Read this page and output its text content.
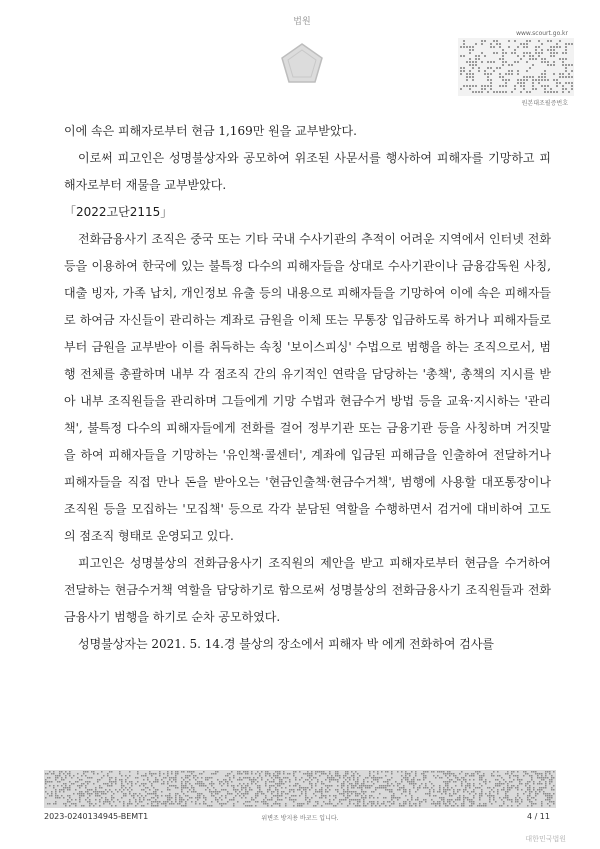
법원
www.scourt.go.kr
원본대조필증번호

이에 속은 피해자로부터 현금 1,169만 원을 교부받았다.

이로써 피고인은 성명불상자와 공모하여 위조된 사문서를 행사하여 피해자를 기망하고 피해자로부터 재물을 교부받았다.

「2022고단2115」

전화금융사기 조직은 중국 또는 기타 국내 수사기관의 추적이 어려운 지역에서 인터넷 전화 등을 이용하여 한국에 있는 불특정 다수의 피해자들을 상대로 수사기관이나 금융감독원 사칭, 대출 빙자, 가족 납치, 개인정보 유출 등의 내용으로 피해자들을 기망하여 이에 속은 피해자들로 하여금 자신들이 관리하는 계좌로 금원을 이체 또는 무통장 입금하도록 하거나 피해자들로부터 금원을 교부받아 이를 취득하는 속칭 '보이스피싱' 수법으로 범행을 하는 조직으로서, 범행 전체를 총괄하며 내부 각 점조직 간의 유기적인 연락을 담당하는 '총책', 총책의 지시를 받아 내부 조직원들을 관리하며 그들에게 기망 수법과 현금수거 방법 등을 교육·지시하는 '관리책', 불특정 다수의 피해자들에게 전화를 걸어 정부기관 또는 금융기관 등을 사칭하며 거짓말을 하여 피해자들을 기망하는 '유인책·콜센터', 계좌에 입금된 피해금을 인출하여 전달하거나 피해자들을 직접 만나 돈을 받아오는 '현금인출책·현금수거책', 범행에 사용할 대포통장이나 조직원 등을 모집하는 '모집책' 등으로 각각 분담된 역할을 수행하면서 검거에 대비하여 고도의 점조직 형태로 운영되고 있다.

피고인은 성명불상의 전화금융사기 조직원의 제안을 받고 피해자로부터 현금을 수거하여 전달하는 현금수거책 역할을 담당하기로 함으로써 성명불상의 전화금융사기 조직원들과 전화금융사기 범행을 하기로 순차 공모하였다.

성명불상자는 2021. 5. 14.경 불상의 장소에서 피해자 박 에게 전화하여 검사를

2023-0240134945-BEMT1	위변조 방지용 바코드 입니다.	4 / 11
대한민국법원
